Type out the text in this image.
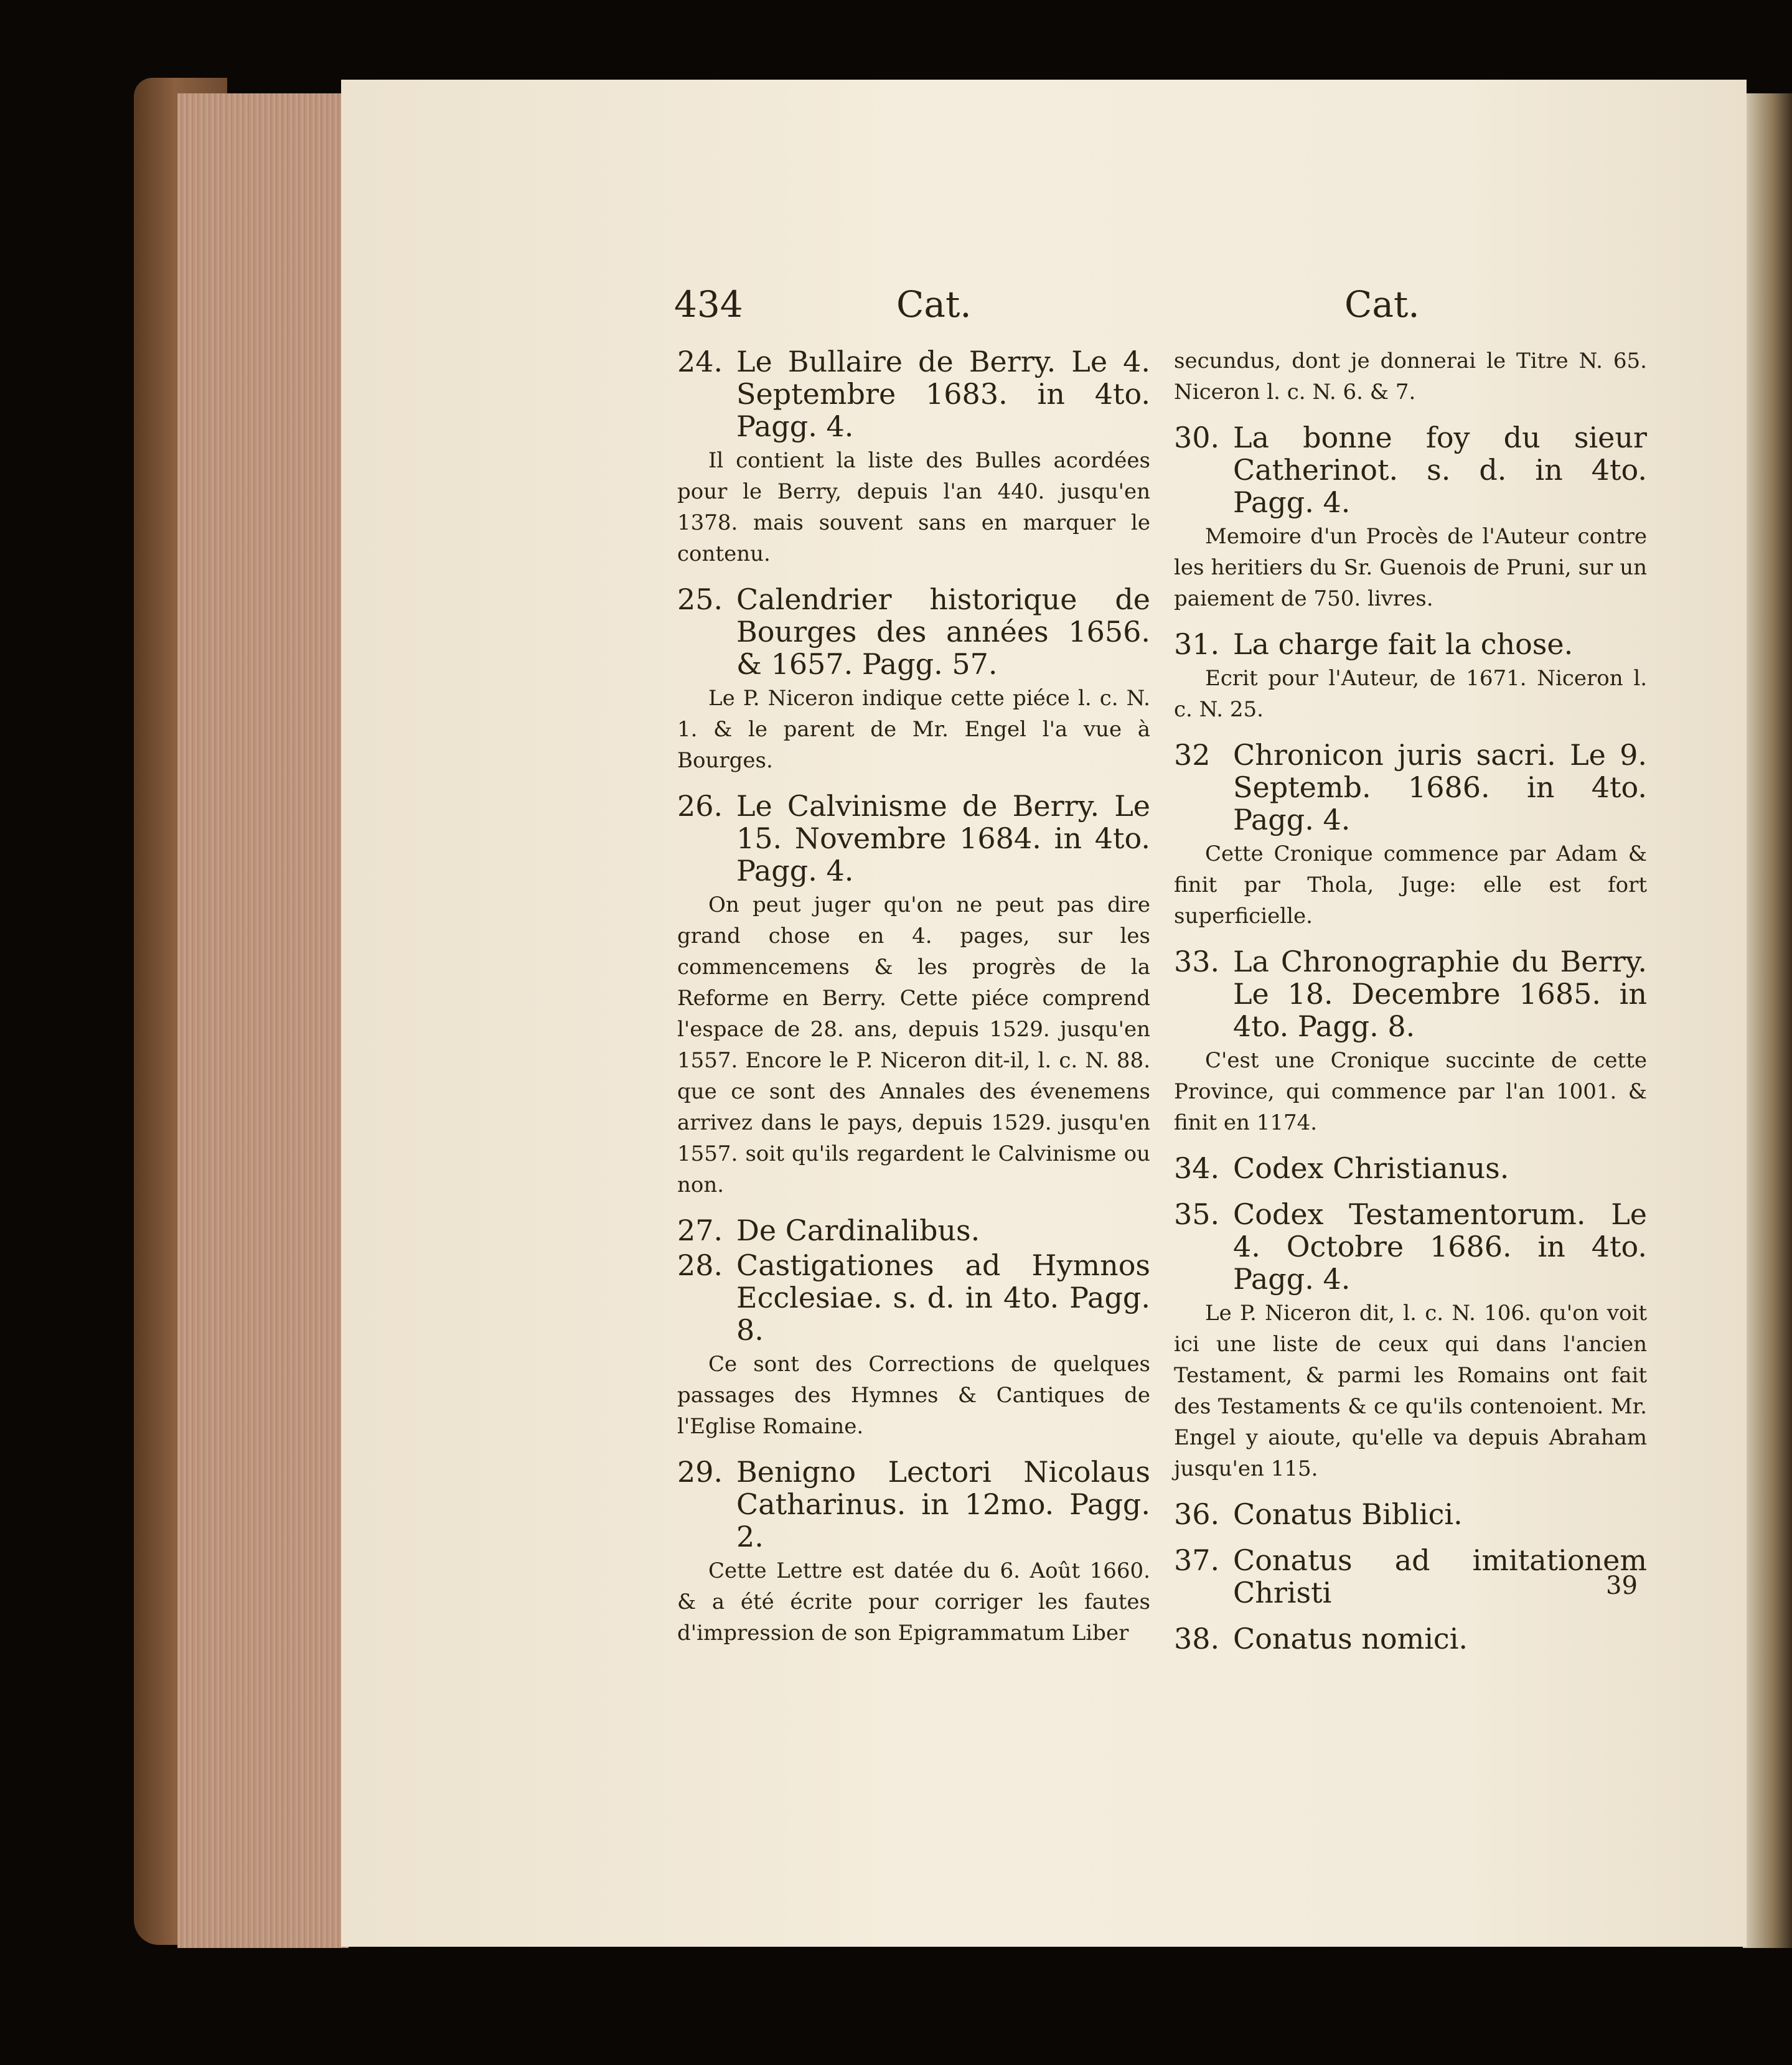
434	Cat.	Cat.

24. Le Bullaire de Berry. Le 4. Septembre 1683. in 4to. Pagg. 4.

Il contient la liste des Bulles acordées pour le Berry, depuis l'an 440. jusqu'en 1378. mais souvent sans en marquer le contenu.

25. Calendrier historique de Bourges des années 1656. & 1657. Pagg. 57.

Le P. Niceron indique cette piéce l. c. N. 1. & le parent de Mr. Engel l'a vue à Bourges.

26. Le Calvinisme de Berry. Le 15. Novembre 1684. in 4to. Pagg. 4.

On peut juger qu'on ne peut pas dire grand chose en 4. pages, sur les commencemens & les progrès de la Reforme en Berry. Cette piéce comprend l'espace de 28. ans, depuis 1529. jusqu'en 1557. Encore le P. Niceron dit-il, l. c. N. 88. que ce sont des Annales des évenemens arrivez dans le pays, depuis 1529. jusqu'en 1557. soit qu'ils regardent le Calvinisme ou non.

27. De Cardinalibus.

28. Castigationes ad Hymnos Ecclesiae. s. d. in 4to. Pagg. 8.

Ce sont des Corrections de quelques passages des Hymnes & Cantiques de l'Eglise Romaine.

29. Benigno Lectori Nicolaus Catharinus. in 12mo. Pagg. 2.

Cette Lettre est datée du 6. Août 1660. & a été écrite pour corriger les fautes d'impression de son Epigrammatum Liber

secundus, dont je donnerai le Titre N. 65. Niceron l. c. N. 6. & 7.

30. La bonne foy du sieur Catherinot. s. d. in 4to. Pagg. 4.

Memoire d'un Procès de l'Auteur contre les heritiers du Sr. Guenois de Pruni, sur un paiement de 750. livres.

31. La charge fait la chose.

Ecrit pour l'Auteur, de 1671. Niceron l. c. N. 25.

32 Chronicon juris sacri. Le 9. Septemb. 1686. in 4to. Pagg. 4.

Cette Cronique commence par Adam & finit par Thola, Juge: elle est fort superficielle.

33. La Chronographie du Berry. Le 18. Decembre 1685. in 4to. Pagg. 8.

C'est une Cronique succinte de cette Province, qui commence par l'an 1001. & finit en 1174.

34. Codex Christianus.

35. Codex Testamentorum. Le 4. Octobre 1686. in 4to. Pagg. 4.

Le P. Niceron dit, l. c. N. 106. qu'on voit ici une liste de ceux qui dans l'ancien Testament, & parmi les Romains ont fait des Testaments & ce qu'ils contenoient. Mr. Engel y aioute, qu'elle va depuis Abraham jusqu'en 115.

36. Conatus Biblici.

37. Conatus ad imitationem Christi

38. Conatus nomici.

39
